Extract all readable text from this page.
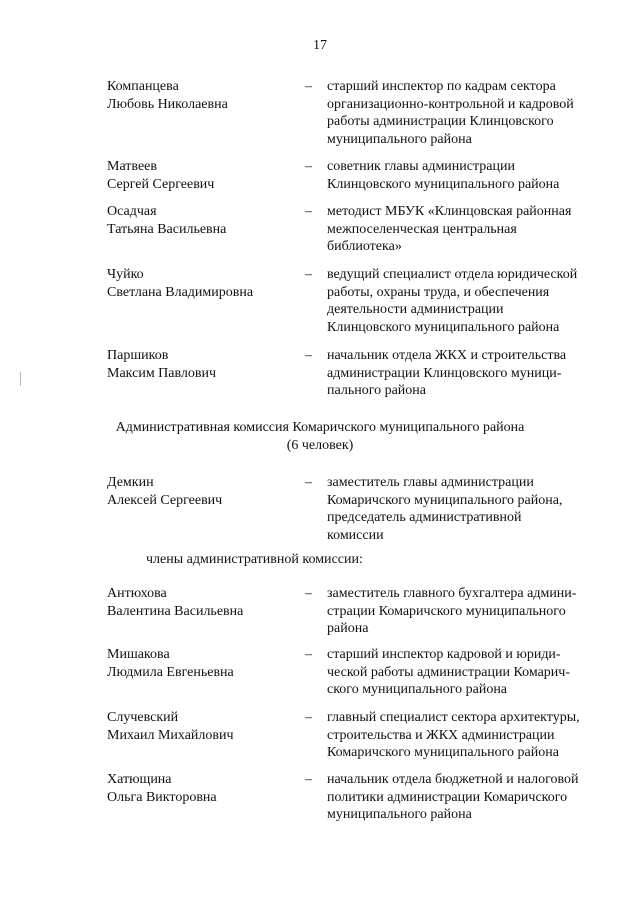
17
Компанцева
Любовь Николаевна
– старший инспектор по кадрам сектора
организационно-контрольной и кадровой
работы администрации Клинцовского
муниципального района
Матвеев
Сергей Сергеевич
– советник главы администрации
Клинцовского муниципального района
Осадчая
Татьяна Васильевна
– методист МБУК «Клинцовская районная
межпоселенческая центральная
библиотека»
Чуйко
Светлана Владимировна
– ведущий специалист отдела юридической
работы, охраны труда, и обеспечения
деятельности администрации
Клинцовского муниципального района
Паршиков
Максим Павлович
– начальник отдела ЖКХ и строительства
администрации Клинцовского муници-
пального района
Административная комиссия Комаричского муниципального района
(6 человек)
Демкин
Алексей Сергеевич
– заместитель главы администрации
Комаричского муниципального района,
председатель административной
комиссии
члены административной комиссии:
Антюхова
Валентина Васильевна
– заместитель главного бухгалтера админи-
страции Комаричского муниципального
района
Мишакова
Людмила Евгеньевна
– старший инспектор кадровой и юриди-
ческой работы администрации Комарич-
ского муниципального района
Случевский
Михаил Михайлович
– главный специалист сектора архитектуры,
строительства и ЖКХ администрации
Комаричского муниципального района
Хатющина
Ольга Викторовна
– начальник отдела бюджетной и налоговой
политики администрации Комаричского
муниципального района
